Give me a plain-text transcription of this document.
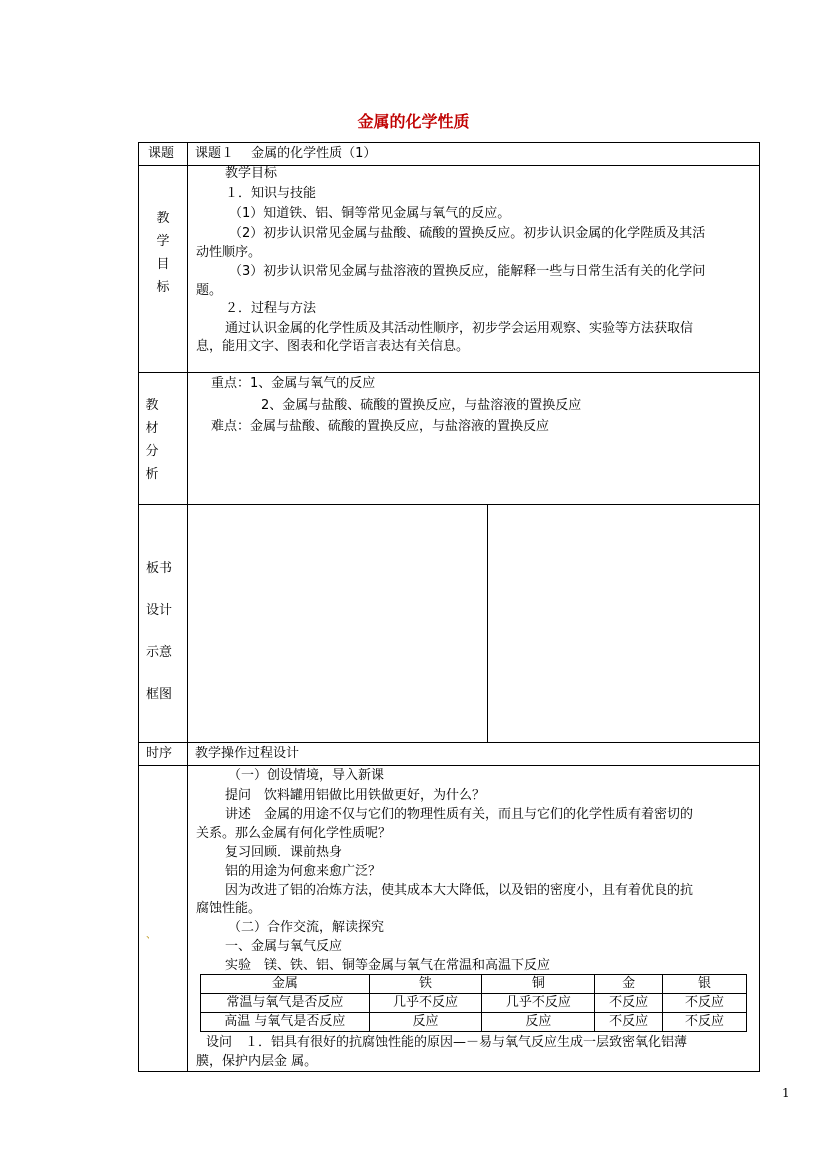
金属的化学性质
课题 课题１　 金属的化学性质（1）
教
学
目
标
教学目标
１．知识与技能
（1）知道铁、铝、铜等常见金属与氧气的反应。
（2）初步认识常见金属与盐酸、硫酸的置换反应。初步认识金属的化学陛质及其活
动性顺序。
（3）初步认识常见金属与盐溶液的置换反应，能解释一些与日常生活有关的化学问
题。
２．过程与方法
通过认识金属的化学性质及其活动性顺序，初步学会运用观察、实验等方法获取信
息，能用文字、图表和化学语言表达有关信息。
教
材
分
析
重点：1、金属与氧气的反应
2、金属与盐酸、硫酸的置换反应，与盐溶液的置换反应
难点：金属与盐酸、硫酸的置换反应，与盐溶液的置换反应
板书
设计
示意
框图
时序 教学操作过程设计
（一）创设情境，导入新课
提问　饮料罐用铝做比用铁做更好，为什么？
讲述　金属的用途不仅与它们的物理性质有关，而且与它们的化学性质有着密切的
关系。那么金属有何化学性质呢？
复习回顾．课前热身
铝的用途为何愈来愈广泛？
因为改进了铝的冶炼方法，使其成本大大降低，以及铝的密度小，且有着优良的抗
腐蚀性能。
（二）合作交流，解读探究
一、金属与氧气反应
实验　镁、铁、铝、铜等金属与氧气在常温和高温下反应
金属	铁	铜	金	银
常温与氧气是否反应	几乎不反应	几乎不反应	不反应	不反应
高温 与氧气是否反应	反应	反应	不反应	不反应
设问　１．铝具有很好的抗腐蚀性能的原因—－易与氧气反应生成一层致密氧化铝薄
膜，保护内层金 属。
、
1
